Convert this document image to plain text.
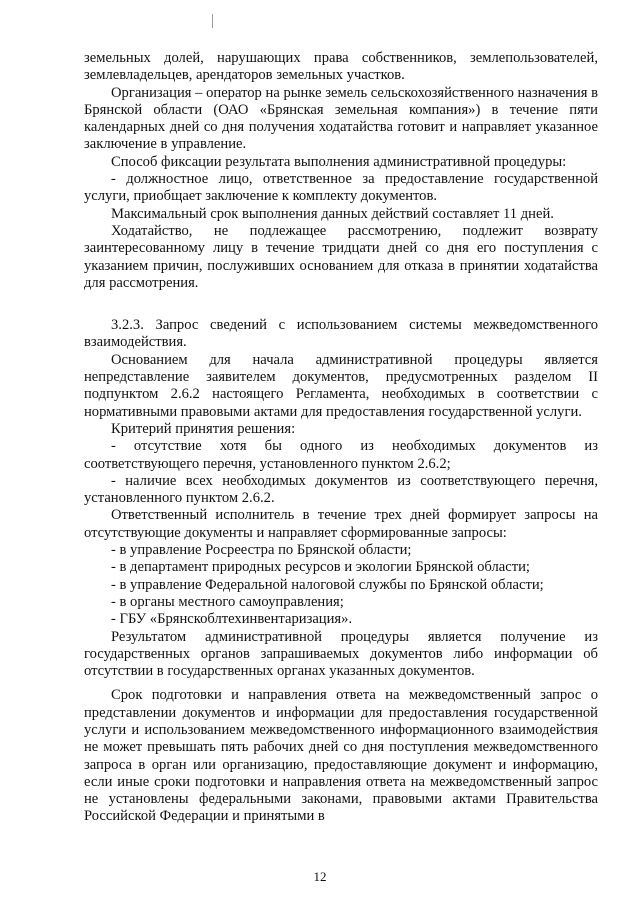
земельных долей, нарушающих права собственников, землепользователей, землевладельцев, арендаторов земельных участков.

Организация – оператор на рынке земель сельскохозяйственного назначения в Брянской области (ОАО «Брянская земельная компания») в течение пяти календарных дней со дня получения ходатайства готовит и направляет указанное заключение в управление.

Способ фиксации результата выполнения административной процедуры:

- должностное лицо, ответственное за предоставление государственной услуги, приобщает заключение к комплекту документов.

Максимальный срок выполнения данных действий составляет 11 дней.

Ходатайство, не подлежащее рассмотрению, подлежит возврату заинтересованному лицу в течение тридцати дней со дня его поступления с указанием причин, послуживших основанием для отказа в принятии ходатайства для рассмотрения.

3.2.3. Запрос сведений с использованием системы межведомственного взаимодействия.

Основанием для начала административной процедуры является непредставление заявителем документов, предусмотренных разделом II подпунктом 2.6.2 настоящего Регламента, необходимых в соответствии с нормативными правовыми актами для предоставления государственной услуги.

Критерий принятия решения:

- отсутствие хотя бы одного из необходимых документов из соответствующего перечня, установленного пунктом 2.6.2;

- наличие всех необходимых документов из соответствующего перечня, установленного пунктом 2.6.2.

Ответственный исполнитель в течение трех дней формирует запросы на отсутствующие документы и направляет сформированные запросы:

- в управление Росреестра по Брянской области;

- в департамент природных ресурсов и экологии Брянской области;

- в управление Федеральной налоговой службы по Брянской области;

- в органы местного самоуправления;

- ГБУ «Брянскоблтехинвентаризация».

Результатом административной процедуры является получение из государственных органов запрашиваемых документов либо информации об отсутствии в государственных органах указанных документов.

Срок подготовки и направления ответа на межведомственный запрос о представлении документов и информации для предоставления государственной услуги и использованием межведомственного информационного взаимодействия не может превышать пять рабочих дней со дня поступления межведомственного запроса в орган или организацию, предоставляющие документ и информацию, если иные сроки подготовки и направления ответа на межведомственный запрос не установлены федеральными законами, правовыми актами Правительства Российской Федерации и принятыми в

12
